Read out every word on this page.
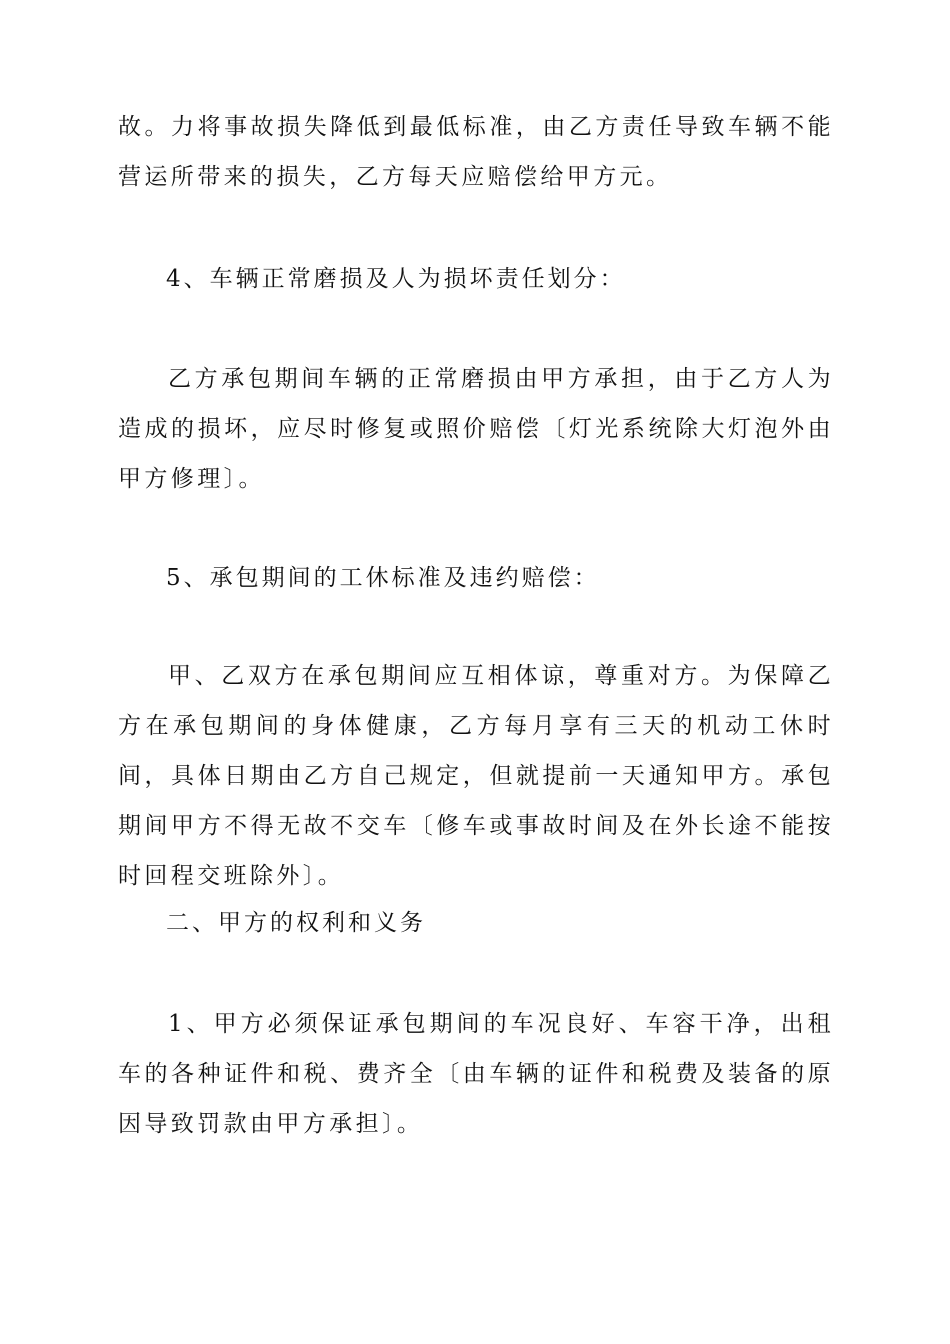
故。力将事故损失降低到最低标准，由乙方责任导致车辆不能营运所带来的损失，乙方每天应赔偿给甲方元。

4、车辆正常磨损及人为损坏责任划分：

乙方承包期间车辆的正常磨损由甲方承担，由于乙方人为造成的损坏，应尽时修复或照价赔偿〔灯光系统除大灯泡外由甲方修理〕。

5、承包期间的工休标准及违约赔偿：

甲、乙双方在承包期间应互相体谅，尊重对方。为保障乙方在承包期间的身体健康，乙方每月享有三天的机动工休时间，具体日期由乙方自己规定，但就提前一天通知甲方。承包期间甲方不得无故不交车〔修车或事故时间及在外长途不能按时回程交班除外〕。

二、甲方的权利和义务

1、甲方必须保证承包期间的车况良好、车容干净，出租车的各种证件和税、费齐全〔由车辆的证件和税费及装备的原因导致罚款由甲方承担〕。
